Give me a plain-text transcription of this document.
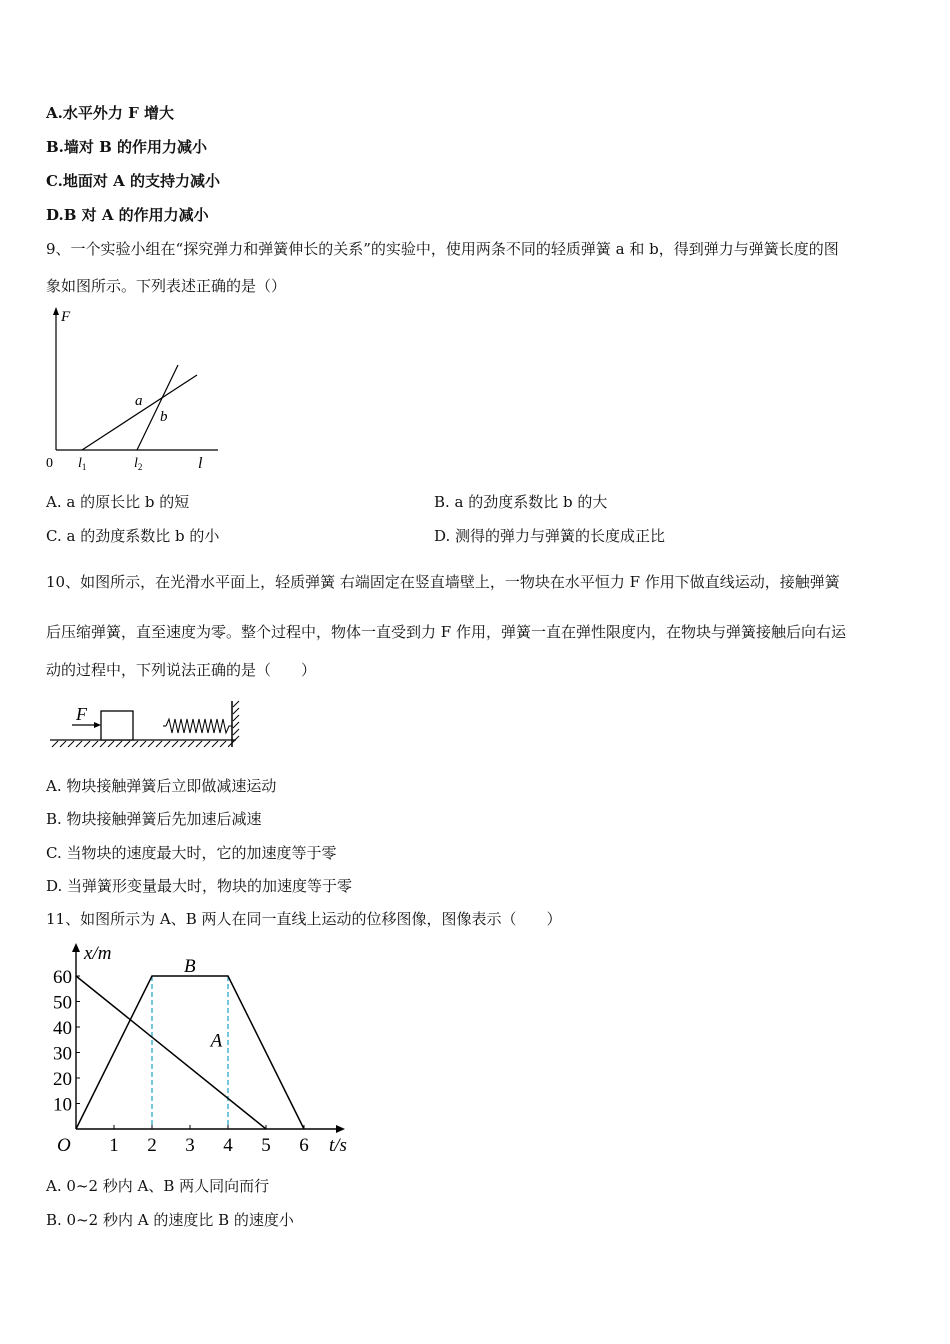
A.水平外力 F 增大
B.墙对 B 的作用力减小
C.地面对 A 的支持力减小
D.B 对 A 的作用力减小
9、一个实验小组在“探究弹力和弹簧伸长的关系”的实验中，使用两条不同的轻质弹簧 a 和 b，得到弹力与弹簧长度的图
象如图所示。下列表述正确的是（）
F
0	l
$l_1$	$l_2$
a
b
A. a 的原长比 b 的短	B. a 的劲度系数比 b 的大
C. a 的劲度系数比 b 的小	D. 测得的弹力与弹簧的长度成正比
10、如图所示，在光滑水平面上，轻质弹簧 右端固定在竖直墙壁上，一物块在水平恒力 F 作用下做直线运动，接触弹簧
后压缩弹簧，直至速度为零。整个过程中，物体一直受到力 F 作用，弹簧一直在弹性限度内，在物块与弹簧接触后向右运
动的过程中，下列说法正确的是（　　）
F
A. 物块接触弹簧后立即做减速运动
B. 物块接触弹簧后先加速后减速
C. 当物块的速度最大时，它的加速度等于零
D. 当弹簧形变量最大时，物块的加速度等于零
11、如图所示为 A、B 两人在同一直线上运动的位移图像，图像表示（　　）
A
B
1 2 3 4 5 6
10
20
30
40
50
60
O
x/m
t/s
A. 0~2 秒内 A、B 两人同向而行
B. 0~2 秒内 A 的速度比 B 的速度小
